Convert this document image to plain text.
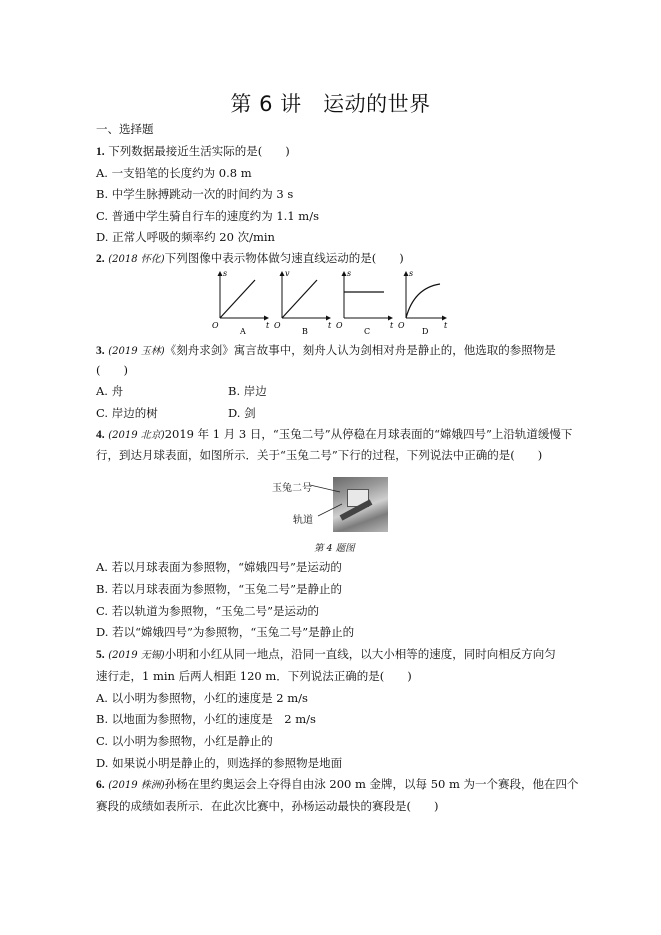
第 6 讲　运动的世界
一、选择题
1. 下列数据最接近生活实际的是(　　)
A. 一支铅笔的长度约为 0.8 m
B. 中学生脉搏跳动一次的时间约为 3 s
C. 普通中学生骑自行车的速度约为 1.1 m/s
D. 正常人呼吸的频率约 20 次/min
2. (2018 怀化)下列图像中表示物体做匀速直线运动的是(　　)
s
t
O
A
v
t
O
B
s
t
O
C
s
t
O
D
3. (2019 玉林)《刻舟求剑》寓言故事中，刻舟人认为剑相对舟是静止的，他选取的参照物是
(　　)
A. 舟	B. 岸边
C. 岸边的树	D. 剑
4. (2019 北京)2019 年 1 月 3 日，“玉兔二号”从停稳在月球表面的“嫦娥四号”上沿轨道缓慢下
行，到达月球表面，如图所示．关于“玉兔二号”下行的过程，下列说法中正确的是(　　)
玉兔二号
轨道
第 4 题图
A. 若以月球表面为参照物，“嫦娥四号”是运动的
B. 若以月球表面为参照物，“玉兔二号”是静止的
C. 若以轨道为参照物，“玉兔二号”是运动的
D. 若以“嫦娥四号”为参照物，“玉兔二号”是静止的
5. (2019 无锡)小明和小红从同一地点，沿同一直线，以大小相等的速度，同时向相反方向匀
速行走，1 min 后两人相距 120 m．下列说法正确的是(　　)
A. 以小明为参照物，小红的速度是 2 m/s
B. 以地面为参照物，小红的速度是　2 m/s
C. 以小明为参照物，小红是静止的
D. 如果说小明是静止的，则选择的参照物是地面
6. (2019 株洲)孙杨在里约奥运会上夺得自由泳 200 m 金牌，以每 50 m 为一个赛段，他在四个
赛段的成绩如表所示．在此次比赛中，孙杨运动最快的赛段是(　　)
